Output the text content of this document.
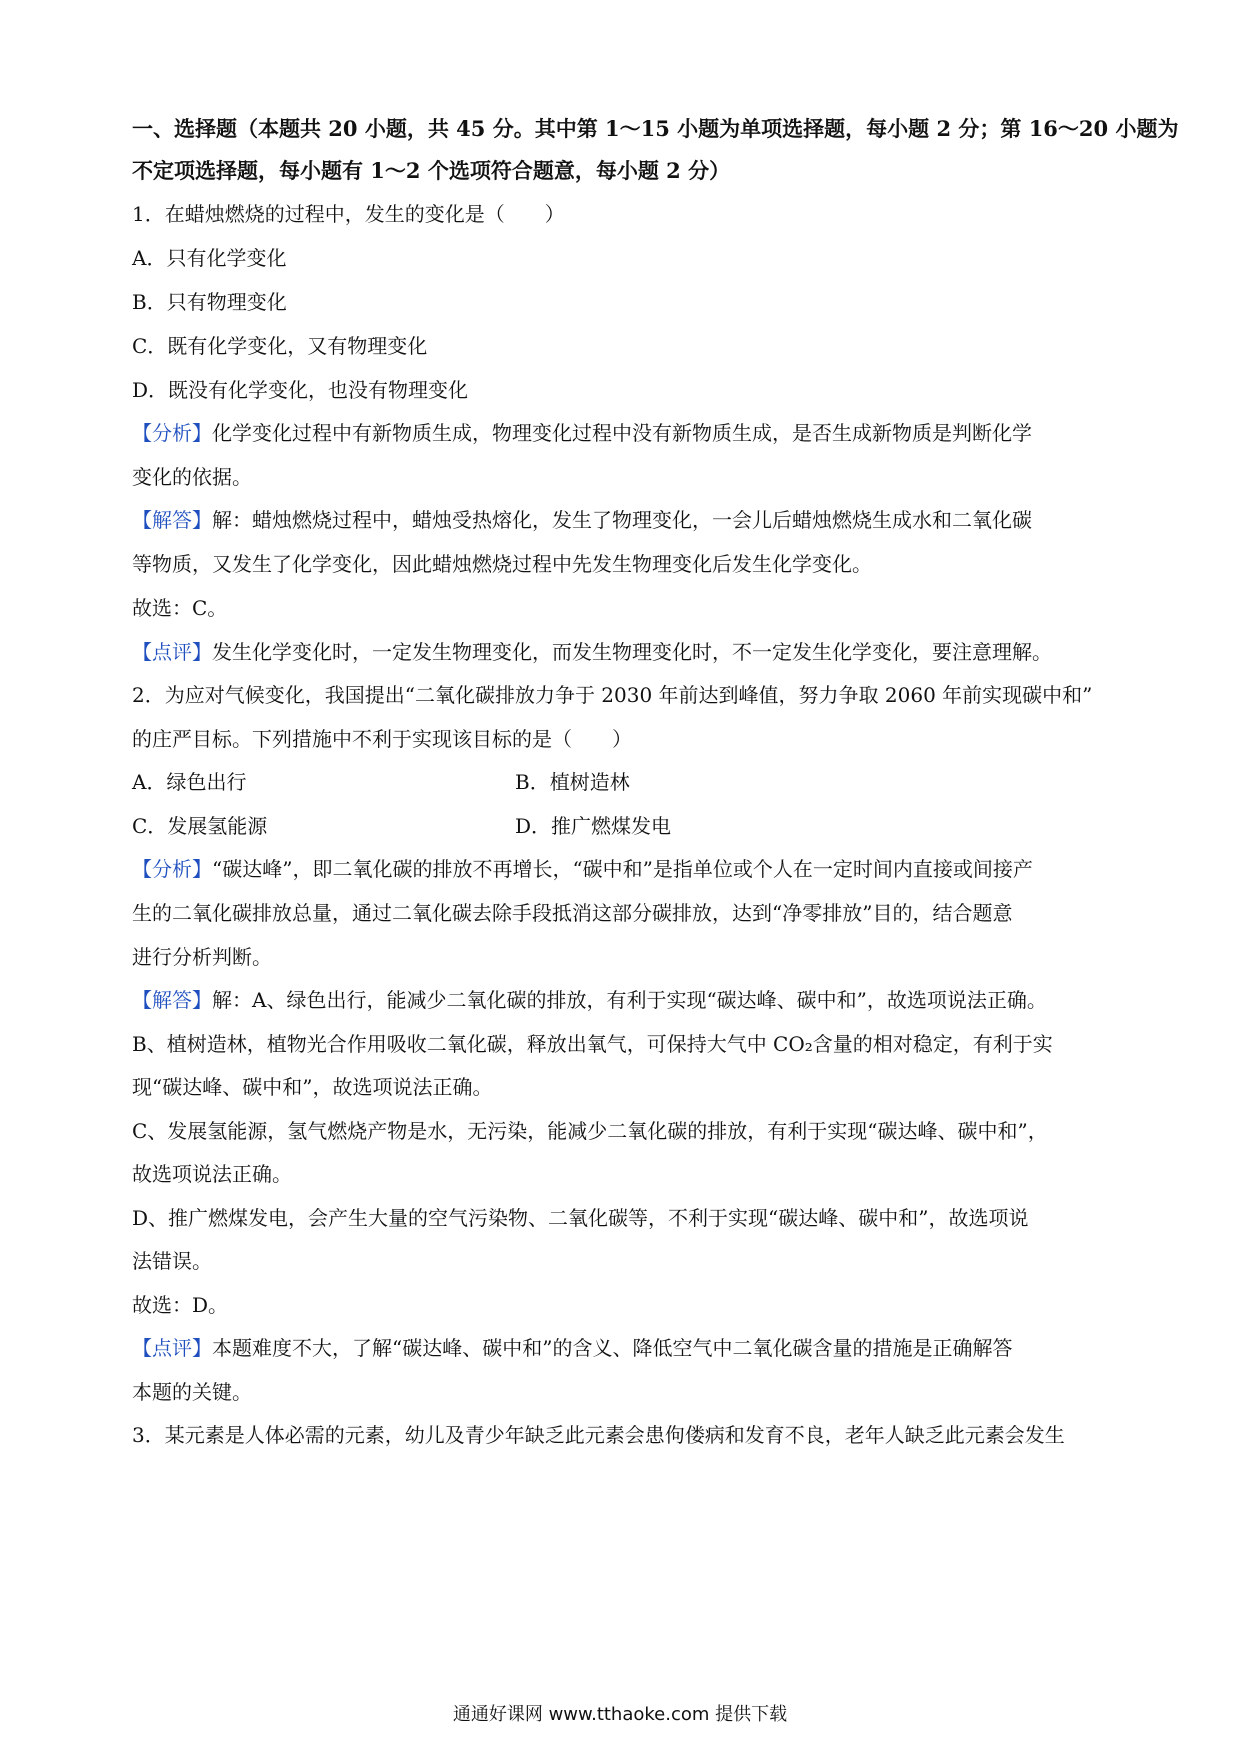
一、选择题（本题共 20 小题，共 45 分。其中第 1～15 小题为单项选择题，每小题 2 分；第 16～20 小题为
不定项选择题，每小题有 1～2 个选项符合题意，每小题 2 分）
1．在蜡烛燃烧的过程中，发生的变化是（　　）
A．只有化学变化
B．只有物理变化
C．既有化学变化，又有物理变化
D．既没有化学变化，也没有物理变化
【分析】化学变化过程中有新物质生成，物理变化过程中没有新物质生成，是否生成新物质是判断化学
变化的依据。
【解答】解：蜡烛燃烧过程中，蜡烛受热熔化，发生了物理变化，一会儿后蜡烛燃烧生成水和二氧化碳
等物质，又发生了化学变化，因此蜡烛燃烧过程中先发生物理变化后发生化学变化。
故选：C。
【点评】发生化学变化时，一定发生物理变化，而发生物理变化时，不一定发生化学变化，要注意理解。
2．为应对气候变化，我国提出“二氧化碳排放力争于 2030 年前达到峰值，努力争取 2060 年前实现碳中和”
的庄严目标。下列措施中不利于实现该目标的是（　　）
A．绿色出行	B．植树造林
C．发展氢能源	D．推广燃煤发电
【分析】“碳达峰”，即二氧化碳的排放不再增长，“碳中和”是指单位或个人在一定时间内直接或间接产
生的二氧化碳排放总量，通过二氧化碳去除手段抵消这部分碳排放，达到“净零排放”目的，结合题意
进行分析判断。
【解答】解：A、绿色出行，能减少二氧化碳的排放，有利于实现“碳达峰、碳中和”，故选项说法正确。
B、植树造林，植物光合作用吸收二氧化碳，释放出氧气，可保持大气中 CO₂含量的相对稳定，有利于实
现“碳达峰、碳中和”，故选项说法正确。
C、发展氢能源，氢气燃烧产物是水，无污染，能减少二氧化碳的排放，有利于实现“碳达峰、碳中和”，
故选项说法正确。
D、推广燃煤发电，会产生大量的空气污染物、二氧化碳等，不利于实现“碳达峰、碳中和”，故选项说
法错误。
故选：D。
【点评】本题难度不大，了解“碳达峰、碳中和”的含义、降低空气中二氧化碳含量的措施是正确解答
本题的关键。
3．某元素是人体必需的元素，幼儿及青少年缺乏此元素会患佝偻病和发育不良，老年人缺乏此元素会发生
通通好课网 www.tthaoke.com 提供下载
